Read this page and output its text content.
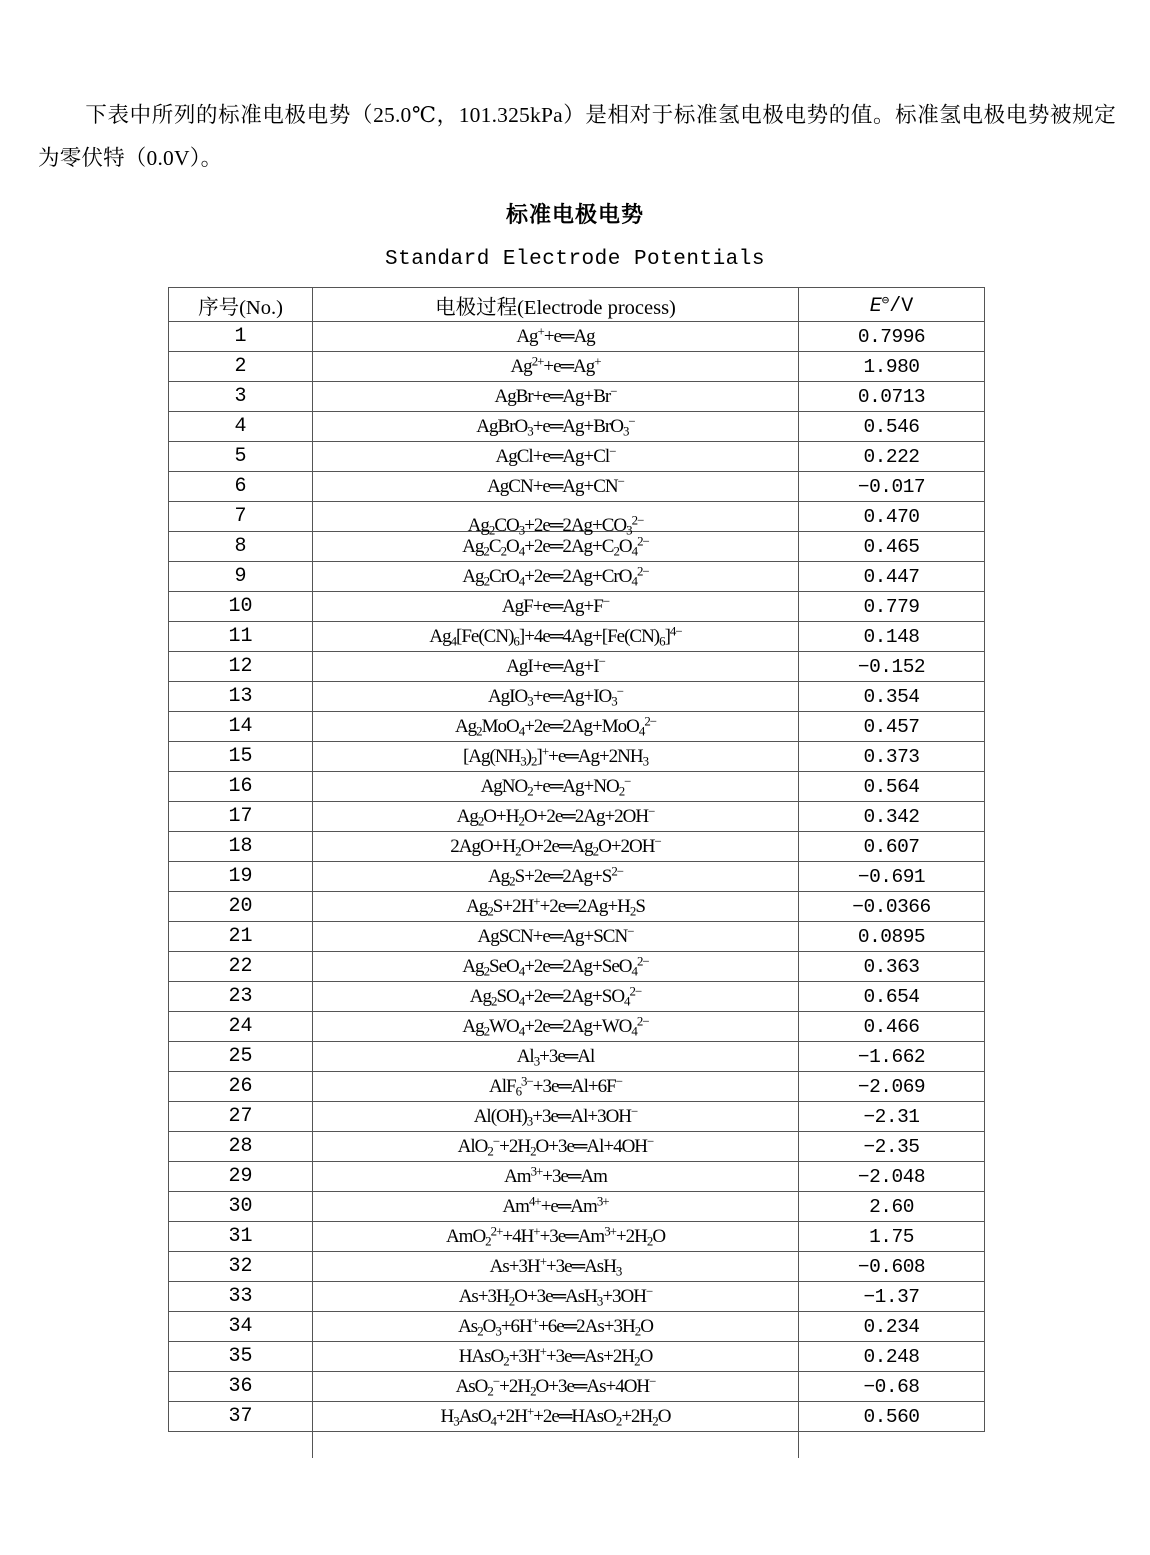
下表中所列的标准电极电势（25.0℃，101.325kPa）是相对于标准氢电极电势的值。标准氢电极电势被规定为零伏特（0.0V）。

标准电极电势
Standard Electrode Potentials
序号(No.)	电极过程(Electrode process)	E⊖/V
1	Ag++e═Ag	0.7996
2	$Ag^{2+}+e═Ag^+$	1.980
3	AgBr+e═Ag+Br−	0.0713
4	AgBrO$_3$+e═Ag+BrO$_3$−	0.546
5	AgCl+e═Ag+Cl−	0.222
6	AgCN+e═Ag+CN−	−0.017
7	$Ag_2CO_3+2e═2Ag+CO_3^{2-}$	0.470
8	$Ag_2C_2O_4+2e═2Ag+C_2O_4^{2-}$	0.465
9	$Ag_2CrO_4+2e═2Ag+CrO_4^{2-}$	0.447
10	AgF+e═Ag+F−	0.779
11	$Ag_4[Fe(CN)_6]+4e═4Ag+[Fe(CN)_6]^{4-}$	0.148
12	AgI+e═Ag+I−	−0.152
13	$AgIO_3+e═Ag+IO_3^-$	0.354
14	$Ag_2MoO_4+2e═2Ag+MoO_4^{2-}$	0.457
15	$[Ag(NH_3)_2]^++e═Ag+2NH_3$	0.373
16	$AgNO_2+e═Ag+NO_2^-$	0.564
17	$Ag_2O+H_2O+2e═2Ag+2OH^-$	0.342
18	$2AgO+H_2O+2e═Ag_2O+2OH^-$	0.607
19	$Ag_2S+2e═2Ag+S^{2-}$	−0.691
20	$Ag_2S+2H^++2e═2Ag+H_2S$	−0.0366
21	AgSCN+e═Ag+SCN−	0.0895
22	$Ag_2SeO_4+2e═2Ag+SeO_4^{2-}$	0.363
23	$Ag_2SO_4+2e═2Ag+SO_4^{2-}$	0.654
24	$Ag_2WO_4+2e═2Ag+WO_4^{2-}$	0.466
25	$Al_3+3e═Al$	−1.662
26	AlF$_6^{3-}$+3e═Al+6F−	−2.069
27	$Al(OH)_3+3e═Al+3OH^-$	−2.31
28	$AlO_2^-+2H_2O+3e═Al+4OH^-$	−2.35
29	$Am^{3+}+3e═Am$	−2.048
30	$Am^{4+}+e═Am^{3+}$	2.60
31	$AmO_2^{2+}+4H^++3e═Am^{3+}+2H_2O$	1.75
32	As+3H++3e═AsH$_3$	−0.608
33	$As+3H_2O+3e═AsH_3+3OH^-$	−1.37
34	$As_2O_3+6H^++6e═2As+3H_2O$	0.234
35	$HAsO_2+3H^++3e═As+2H_2O$	0.248
36	$AsO_2^-+2H_2O+3e═As+4OH^-$	−0.68
37	$H_3AsO_4+2H^++2e═HAsO_2+2H_2O$	0.560
